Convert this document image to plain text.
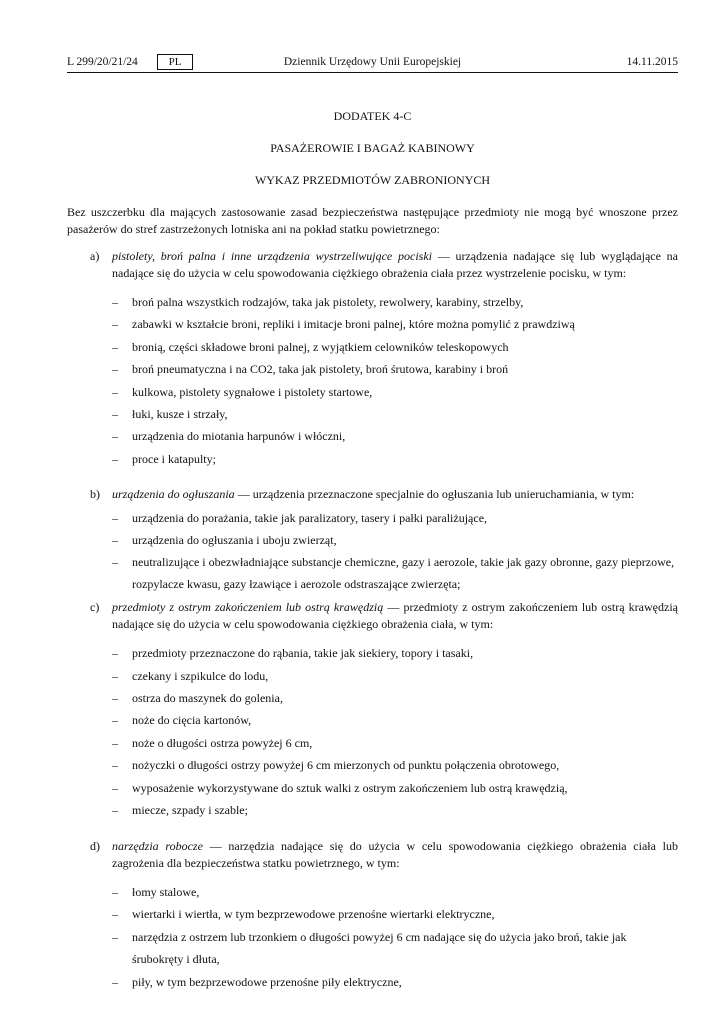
L 299/20/21/24	PL	Dziennik Urzędowy Unii Europejskiej	14.11.2015
DODATEK 4-C
PASAŻEROWIE I BAGAŻ KABINOWY
WYKAZ PRZEDMIOTÓW ZABRONIONYCH

Bez uszczerbku dla mających zastosowanie zasad bezpieczeństwa następujące przedmioty nie mogą być wnoszone przez pasażerów do stref zastrzeżonych lotniska ani na pokład statku powietrznego:

a) pistolety, broń palna i inne urządzenia wystrzeliwujące pociski — urządzenia nadające się lub wyglądające na nadające się do użycia w celu spowodowania ciężkiego obrażenia ciała przez wystrzelenie pocisku, w tym:
– broń palna wszystkich rodzajów, taka jak pistolety, rewolwery, karabiny, strzelby,
– zabawki w kształcie broni, repliki i imitacje broni palnej, które można pomylić z prawdziwą
– bronią, części składowe broni palnej, z wyjątkiem celowników teleskopowych
– broń pneumatyczna i na CO2, taka jak pistolety, broń śrutowa, karabiny i broń
– kulkowa, pistolety sygnałowe i pistolety startowe,
– łuki, kusze i strzały,
– urządzenia do miotania harpunów i włóczni,
– proce i katapulty;
b) urządzenia do ogłuszania — urządzenia przeznaczone specjalnie do ogłuszania lub unieruchamiania, w tym:
– urządzenia do porażania, takie jak paralizatory, tasery i pałki paraliżujące,
– urządzenia do ogłuszania i uboju zwierząt,
– neutralizujące i obezwładniające substancje chemiczne, gazy i aerozole, takie jak gazy obronne, gazy pieprzowe, rozpylacze kwasu, gazy łzawiące i aerozole odstraszające zwierzęta;
c) przedmioty z ostrym zakończeniem lub ostrą krawędzią — przedmioty z ostrym zakończeniem lub ostrą krawędzią nadające się do użycia w celu spowodowania ciężkiego obrażenia ciała, w tym:
– przedmioty przeznaczone do rąbania, takie jak siekiery, topory i tasaki,
– czekany i szpikulce do lodu,
– ostrza do maszynek do golenia,
– noże do cięcia kartonów,
– noże o długości ostrza powyżej 6 cm,
– nożyczki o długości ostrzy powyżej 6 cm mierzonych od punktu połączenia obrotowego,
– wyposażenie wykorzystywane do sztuk walki z ostrym zakończeniem lub ostrą krawędzią,
– miecze, szpady i szable;
d) narzędzia robocze — narzędzia nadające się do użycia w celu spowodowania ciężkiego obrażenia ciała lub zagrożenia dla bezpieczeństwa statku powietrznego, w tym:
– łomy stalowe,
– wiertarki i wiertła, w tym bezprzewodowe przenośne wiertarki elektryczne,
– narzędzia z ostrzem lub trzonkiem o długości powyżej 6 cm nadające się do użycia jako broń, takie jak śrubokręty i dłuta,
– piły, w tym bezprzewodowe przenośne piły elektryczne,
